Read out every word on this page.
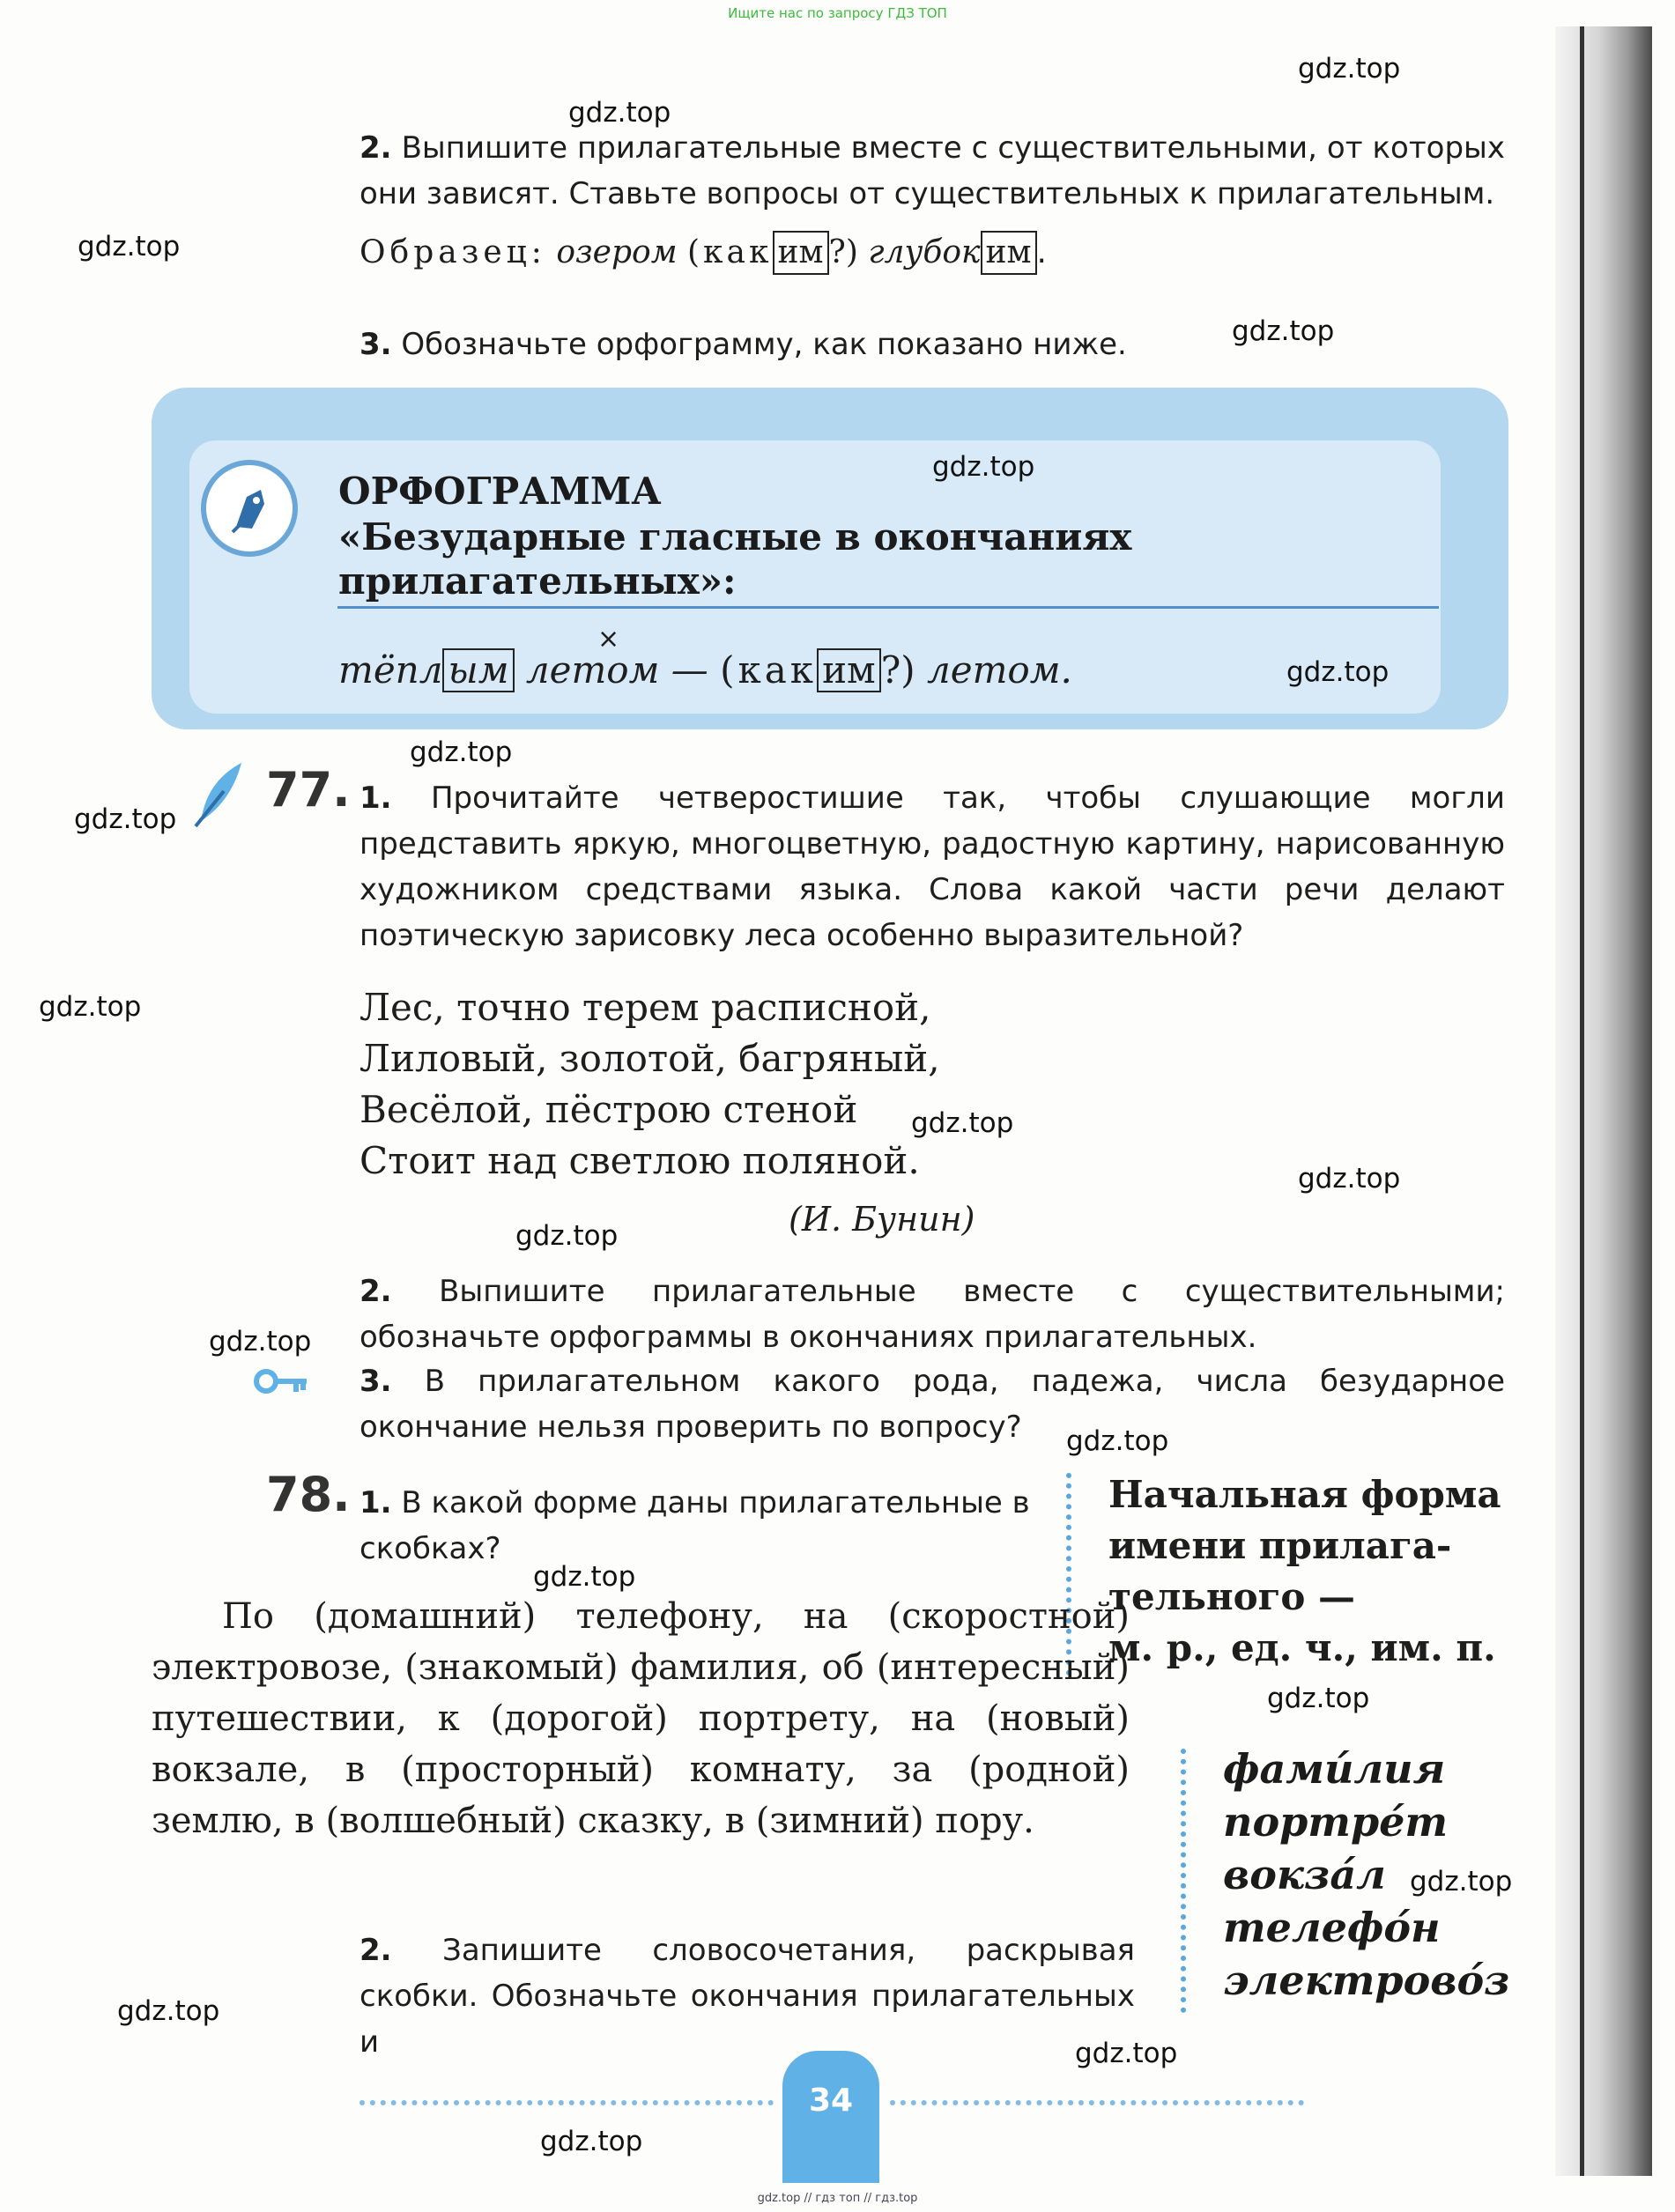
Ищите нас по запросу ГДЗ ТОП
2. Выпишите прилагательные вместе с существительными, от которых они зависят. Ставьте вопросы от существительных к прилагательным.
Образец: озером (как им ?) глубок им .
3. Обозначьте орфограмму, как показано ниже.
ОРФОГРАММА
«Безударные гласные в окончаниях
прилагательных»:
×
тёпл ым летом — (как им ?) летом.
77. 1. Прочитайте четверостишие так, чтобы слушающие могли представить яркую, многоцветную, радостную картину, нарисованную художником средствами языка. Слова какой части речи делают поэтическую зарисовку леса особенно выразительной?
Лес, точно терем расписной,
Лиловый, золотой, багряный,
Весёлой, пёстрою стеной
Стоит над светлою поляной.
(И. Бунин)
2. Выпишите прилагательные вместе с существительными; обозначьте орфограммы в окончаниях прилагательных.
3. В прилагательном какого рода, падежа, числа безударное окончание нельзя проверить по вопросу?
78. 1. В какой форме даны прилагательные в скобках?
Начальная форма
имени прилага-
тельного —
м. р., ед. ч., им. п.
По (домашний) телефону, на (скоростной) электровозе, (знакомый) фамилия, об (интересный) путешествии, к (дорогой) портрету, на (новый) вокзале, в (просторный) комнату, за (родной) землю, в (волшебный) сказку, в (зимний) пору.
фами́лия
портре́т
вокза́л
телефо́н
электрово́з
2. Запишите словосочетания, раскрывая скобки. Обозначьте окончания прилагательных и
34
gdz.top
gdz.top
gdz.top
gdz.top
gdz.top
gdz.top
gdz.top
gdz.top
gdz.top
gdz.top
gdz.top
gdz.top
gdz.top
gdz.top
gdz.top
gdz.top
gdz.top
gdz.top
gdz.top
gdz.top
gdz.top // гдз топ // гдз.top
